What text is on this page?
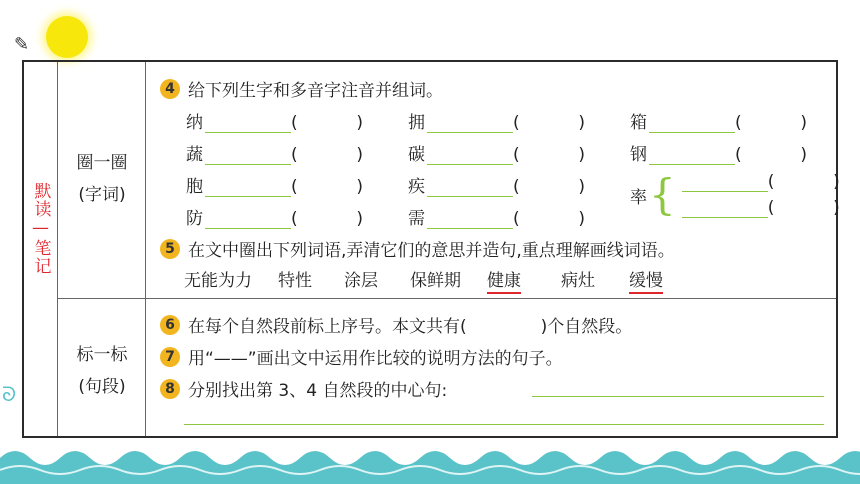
✎
默读—笔记
圈一圈
(字词)
标一标
(句段)
4 给下列生字和多音字注音并组词。
纳	(	)	拥	(	)	箱	(	)
蔬	(	)	碳	(	)	钢	(	)
胞	(	)	疾	(	)
防	(	)	需	(	)
率 {	(	)
(	)
5 在文中圈出下列词语,弄清它们的意思并造句,重点理解画线词语。
无能为力 特性 涂层 保鲜期 健康 病灶 缓慢
6 在每个自然段前标上序号。本文共有(	)个自然段。
7 用“——”画出文中运用作比较的说明方法的句子。
8 分别找出第 3、4 自然段的中心句:
ᘐ
